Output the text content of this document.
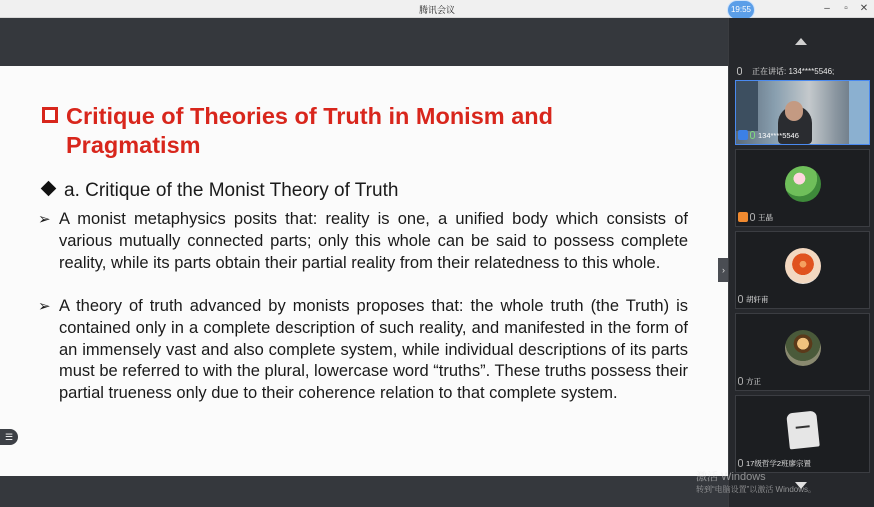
腾讯会议	–	▫	✕
19:55
Critique of Theories of Truth in Monism and
Pragmatism
a. Critique of the Monist Theory of Truth
➢ A monist metaphysics posits that: reality is one, a unified body which consists of various mutually connected parts; only this whole can be said to possess complete reality, while its parts obtain their partial reality from their relatedness to this whole.
➢ A theory of truth advanced by monists proposes that: the whole truth (the Truth) is contained only in a complete description of such reality, and manifested in the form of an immensely vast and also complete system, while individual descriptions of its parts must be referred to with the plural, lowercase word “truths”. These truths possess their partial trueness only due to their coherence relation to that complete system.
☰
›
正在讲话: 134****5546;
134****5546
王晶
胡轩甫
方正
17级哲学2班廖宗置
激活 Windows
转到“电脑设置”以激活 Windows。
